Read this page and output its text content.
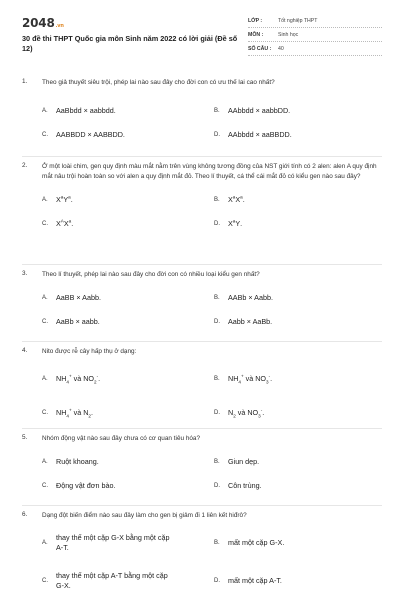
2048.vn
30 đề thi THPT Quốc gia môn Sinh năm 2022 có lời giải (Đề số 12)
LỚP :	Tốt nghiệp THPT
MÔN :	Sinh học
SỐ CÂU :	40
1.	Theo giả thuyết siêu trội, phép lai nào sau đây cho đời con có ưu thế lai cao nhất?
A.	AaBbdd × aabbdd.	B.	AAbbdd × aabbDD.
C.	AABBDD × AABBDD.	D.	AAbbdd × aaBBDD.
2.	Ở một loài chim, gen quy định màu mắt nằm trên vùng không tương đồng của NST giới tính có 2 alen: alen A quy định mắt nâu trội hoàn toàn so với alen a quy định mắt đỏ. Theo lí thuyết, cá thể cái mắt đỏ có kiểu gen nào sau đây?
A.	$X^aY^a$.	B.	$X^aX^a$.
C.	$X^AX^a$.	D.	$X^aY$.
3.	Theo lí thuyết, phép lai nào sau đây cho đời con có nhiều loại kiểu gen nhất?
A.	AaBB × Aabb.	B.	AABb × Aabb.
C.	AaBb × aabb.	D.	Aabb × AaBb.
4.	Nito được rễ cây hấp thụ ở dạng:
A.	$NH_4^+$ và $NO_2^-$.	B.	$NH_4^+$ và $NO_3^-$.
C.	$NH_4^+$ và $N_2$.	D.	$N_2$ và $NO_3^-$.
5.	Nhóm động vật nào sau đây chưa có cơ quan tiêu hóa?
A.	Ruột khoang.	B.	Giun dẹp.
C.	Động vật đơn bào.	D.	Côn trùng.
6.	Dạng đột biến điểm nào sau đây làm cho gen bị giảm đi 1 liên kết hiđrô?
A.
thay thế một cặp G-X bằng một cặp A-T.	B.	mất một cặp G-X.
C.
thay thế một cặp A-T bằng một cặp G-X.	D.	mất một cặp A-T.
